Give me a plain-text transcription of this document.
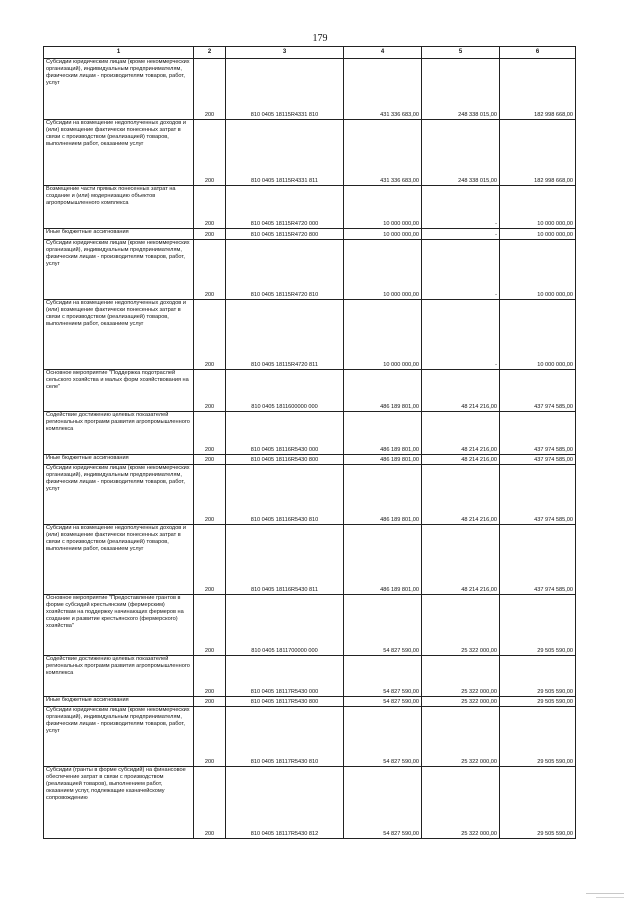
179
1	2	3	4	5	6
Субсидии юридическим лицам (кроме некоммерческих организаций), индивидуальным предпринимателям, физическим лицам - производителям товаров, работ, услуг	200	810 0405 18115R4331 810	431 336 683,00	248 338 015,00	182 998 668,00
Субсидии на возмещение недополученных доходов и (или) возмещение фактически понесенных затрат в связи с производством (реализацией) товаров, выполнением работ, оказанием услуг	200	810 0405 18115R4331 811	431 336 683,00	248 338 015,00	182 998 668,00
Возмещение части прямых понесенных затрат на создание и (или) модернизацию объектов агропромышленного комплекса	200	810 0405 18115R4720 000	10 000 000,00	-	10 000 000,00
Иные бюджетные ассигнования	200	810 0405 18115R4720 800	10 000 000,00	-	10 000 000,00
Субсидии юридическим лицам (кроме некоммерческих организаций), индивидуальным предпринимателям, физическим лицам - производителям товаров, работ, услуг	200	810 0405 18115R4720 810	10 000 000,00	-	10 000 000,00
Субсидии на возмещение недополученных доходов и (или) возмещение фактически понесенных затрат в связи с производством (реализацией) товаров, выполнением работ, оказанием услуг	200	810 0405 18115R4720 811	10 000 000,00	-	10 000 000,00
Основное мероприятие "Поддержка подотраслей сельского хозяйства и малых форм хозяйствования на селе"	200	810 0405 1811600000 000	486 189 801,00	48 214 216,00	437 974 585,00
Содействие достижению целевых показателей региональных программ развития агропромышленного комплекса	200	810 0405 18116R5430 000	486 189 801,00	48 214 216,00	437 974 585,00
Иные бюджетные ассигнования	200	810 0405 18116R5430 800	486 189 801,00	48 214 216,00	437 974 585,00
Субсидии юридическим лицам (кроме некоммерческих организаций), индивидуальным предпринимателям, физическим лицам - производителям товаров, работ, услуг	200	810 0405 18116R5430 810	486 189 801,00	48 214 216,00	437 974 585,00
Субсидии на возмещение недополученных доходов и (или) возмещение фактически понесенных затрат в связи с производством (реализацией) товаров, выполнением работ, оказанием услуг	200	810 0405 18116R5430 811	486 189 801,00	48 214 216,00	437 974 585,00
Основное мероприятие "Предоставление грантов в форме субсидий крестьянским (фермерским) хозяйствам на поддержку начинающих фермеров на создание и развитие крестьянского (фермерского) хозяйства"	200	810 0405 1811700000 000	54 827 590,00	25 322 000,00	29 505 590,00
Содействие достижению целевых показателей региональных программ развития агропромышленного комплекса	200	810 0405 18117R5430 000	54 827 590,00	25 322 000,00	29 505 590,00
Иные бюджетные ассигнования	200	810 0405 18117R5430 800	54 827 590,00	25 322 000,00	29 505 590,00
Субсидии юридическим лицам (кроме некоммерческих организаций), индивидуальным предпринимателям, физическим лицам - производителям товаров, работ, услуг	200	810 0405 18117R5430 810	54 827 590,00	25 322 000,00	29 505 590,00
Субсидии (гранты в форме субсидий) на финансовое обеспечение затрат в связи с производством (реализацией товаров), выполнением работ, оказанием услуг, подлежащие казначейскому сопровождению	200	810 0405 18117R5430 812	54 827 590,00	25 322 000,00	29 505 590,00
